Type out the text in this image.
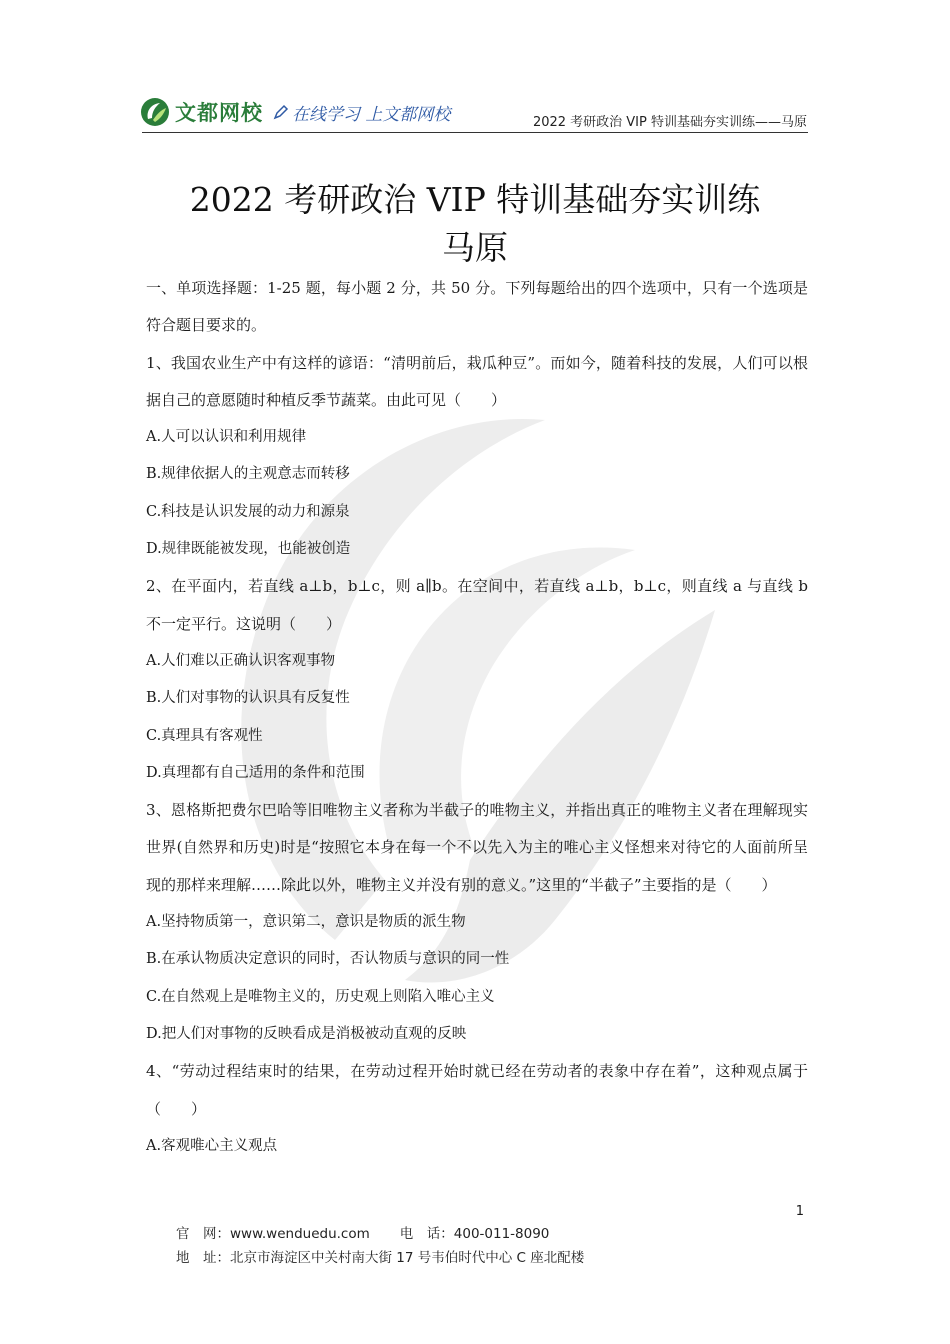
文都网校 在线学习 上文都网校	2022 考研政治 VIP 特训基础夯实训练——马原
2022 考研政治 VIP 特训基础夯实训练
马原

一、单项选择题：1-25 题，每小题 2 分，共 50 分。下列每题给出的四个选项中，只有一个选项是符合题目要求的。

1、我国农业生产中有这样的谚语：“清明前后，栽瓜种豆”。而如今，随着科技的发展，人们可以根据自己的意愿随时种植反季节蔬菜。由此可见（　　）

A.人可以认识和利用规律

B.规律依据人的主观意志而转移

C.科技是认识发展的动力和源泉

D.规律既能被发现，也能被创造

2、在平面内，若直线 a⊥b，b⊥c，则 a∥b。在空间中，若直线 a⊥b，b⊥c，则直线 a 与直线 b 不一定平行。这说明（　　）

A.人们难以正确认识客观事物

B.人们对事物的认识具有反复性

C.真理具有客观性

D.真理都有自己适用的条件和范围

3、恩格斯把费尔巴哈等旧唯物主义者称为半截子的唯物主义，并指出真正的唯物主义者在理解现实世界(自然界和历史)时是“按照它本身在每一个不以先入为主的唯心主义怪想来对待它的人面前所呈现的那样来理解……除此以外，唯物主义并没有别的意义。”这里的“半截子”主要指的是（　　）

A.坚持物质第一，意识第二，意识是物质的派生物

B.在承认物质决定意识的同时，否认物质与意识的同一性

C.在自然观上是唯物主义的，历史观上则陷入唯心主义

D.把人们对事物的反映看成是消极被动直观的反映

4、“劳动过程结束时的结果，在劳动过程开始时就已经在劳动者的表象中存在着”，这种观点属于（　　）

A.客观唯心主义观点

1
官　网：www.wenduedu.com 电　话：400-011-8090
地　址：北京市海淀区中关村南大街 17 号韦伯时代中心 C 座北配楼
